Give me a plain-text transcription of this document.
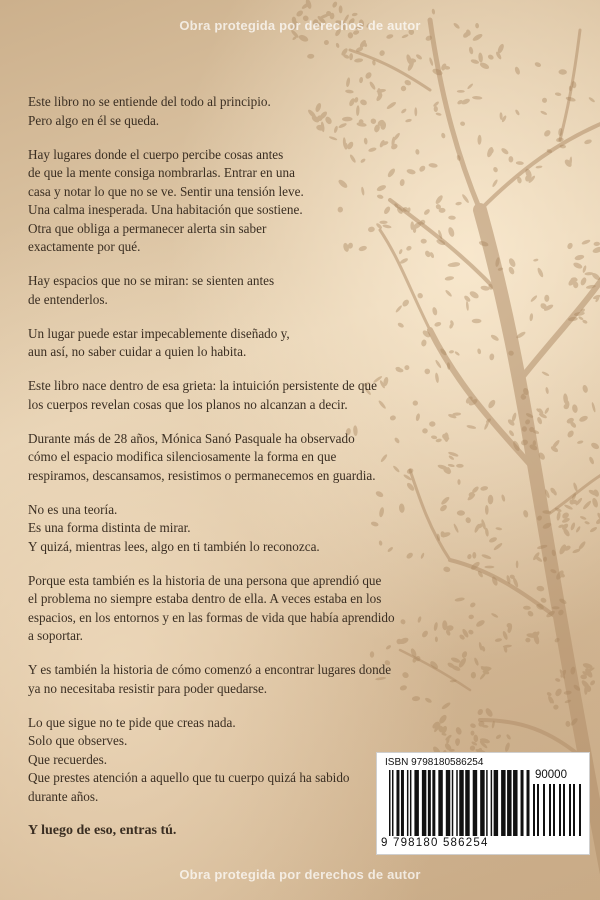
Obra protegida por derechos de autor
Este libro no se entiende del todo al principio.
Pero algo en él se queda.
Hay lugares donde el cuerpo percibe cosas antes
de que la mente consiga nombrarlas. Entrar en una
casa y notar lo que no se ve. Sentir una tensión leve.
Una calma inesperada. Una habitación que sostiene.
Otra que obliga a permanecer alerta sin saber
exactamente por qué.
Hay espacios que no se miran: se sienten antes
de entenderlos.
Un lugar puede estar impecablemente diseñado y,
aun así, no saber cuidar a quien lo habita.
Este libro nace dentro de esa grieta: la intuición persistente de que
los cuerpos revelan cosas que los planos no alcanzan a decir.
Durante más de 28 años, Mónica Sanó Pasquale ha observado
cómo el espacio modifica silenciosamente la forma en que
respiramos, descansamos, resistimos o permanecemos en guardia.
No es una teoría.
Es una forma distinta de mirar.
Y quizá, mientras lees, algo en ti también lo reconozca.
Porque esta también es la historia de una persona que aprendió que
el problema no siempre estaba dentro de ella. A veces estaba en los
espacios, en los entornos y en las formas de vida que había aprendido
a soportar.
Y es también la historia de cómo comenzó a encontrar lugares donde
ya no necesitaba resistir para poder quedarse.
Lo que sigue no te pide que creas nada.
Solo que observes.
Que recuerdes.
Que prestes atención a aquello que tu cuerpo quizá ha sabido
durante años.
Y luego de eso, entras tú.
ISBN 9798180586254
90000
9 798180 586254
Obra protegida por derechos de autor
